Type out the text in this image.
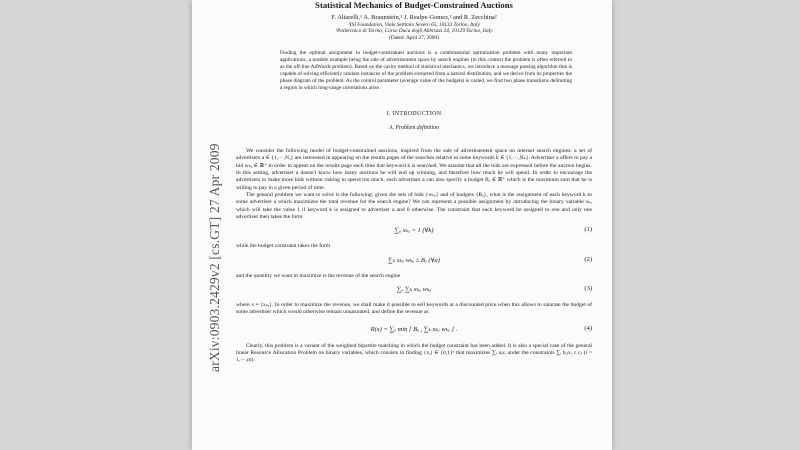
arXiv:0903.2429v2 [cs.GT] 27 Apr 2009
Statistical Mechanics of Budget-Constrained Auctions
F. Altarelli,¹ A. Braunstein,² J. Realpe-Gomez,² and R. Zecchina²
¹ISI Foundation, Viale Settimio Severo 65, 10133 Torino, Italy
²Politecnico di Torino, Corso Duca degli Abbruzzi 24, 10129 Torino, Italy
(Dated: April 27, 2009)
Finding the optimal assignment in budget-constrained auctions is a combinatorial optimization problem with many important applications, a notable example being the sale of advertisement space by search engines (in this context the problem is often referred to as the off-line AdWords problem). Based on the cavity method of statistical mechanics, we introduce a message passing algorithm that is capable of solving efficiently random instances of the problem extracted from a natural distribution, and we derive from its properties the phase diagram of the problem. As the control parameter (average value of the budgets) is varied, we find two phase transitions delimiting a region in which long-range correlations arise.
I. INTRODUCTION
A. Problem definition

We consider the following model of budget-constrained auctions, inspired from the sale of advertisement space on internet search engines: a set of advertisers a ∈ {1,···,Nₐ} are interested in appearing on the results pages of the searches relative to some keywords k ∈ {1,···,Nₖ}. Advertiser a offers to pay a bid wₖₐ ∈ ℝ⁺ in order to appear on the results page each time that keyword k is searched. We assume that all the bids are expressed before the auction begins. In this setting, advertiser a doesn't know how many auctions he will end up winning, and therefore how much he will spend. In order to encourage the advertisers to make more bids without risking to spend too much, each advertiser a can also specify a budget Bₐ ∈ ℝ⁺ which is the maximum sum that he is willing to pay in a given period of time.

The general problem we want to solve is the following: given the sets of bids {wₖₐ} and of budgets {Bₐ}, what is the assignment of each keyword k to some advertiser a which maximizes the total revenue for the search engine? We can represent a possible assignment by introducing the binary variable xₖₐ which will take the value 1 if keyword k is assigned to advertiser a and 0 otherwise. The constraint that each keyword be assigned to one and only one advertiser then takes the form

∑ₐ xₖₐ = 1 (∀k)	(1)

while the budget constraint takes the form

∑ₖ xₖₐ wₖₐ ≤ Bₐ (∀a)	(2)

and the quantity we want to maximize is the revenue of the search engine

∑ₐ ∑ₖ xₖₐ wₖₐ	(3)

where x ≡ {xₖₐ}. In order to maximize the revenue, we shall make it possible to sell keywords at a discounted price when this allows to saturate the budget of some advertiser which would otherwise remain unsaturated, and define the revenue as

R(x) = ∑ₐ min [ Bₐ , ∑ₖ xₖₐ wₖₐ ] .	(4)

Clearly, this problem is a variant of the weighted bipartite matching in which the budget constraint has been added. It is also a special case of the general linear Resource Allocation Problem on binary variables, which consists in finding {xᵢ} ∈ {0,1}ⁿ that maximizes ∑ᵢ aᵢxᵢ under the constraints ∑ᵢ bᵢⱼxᵢ ≤ cⱼ (i = 1,···,m).
